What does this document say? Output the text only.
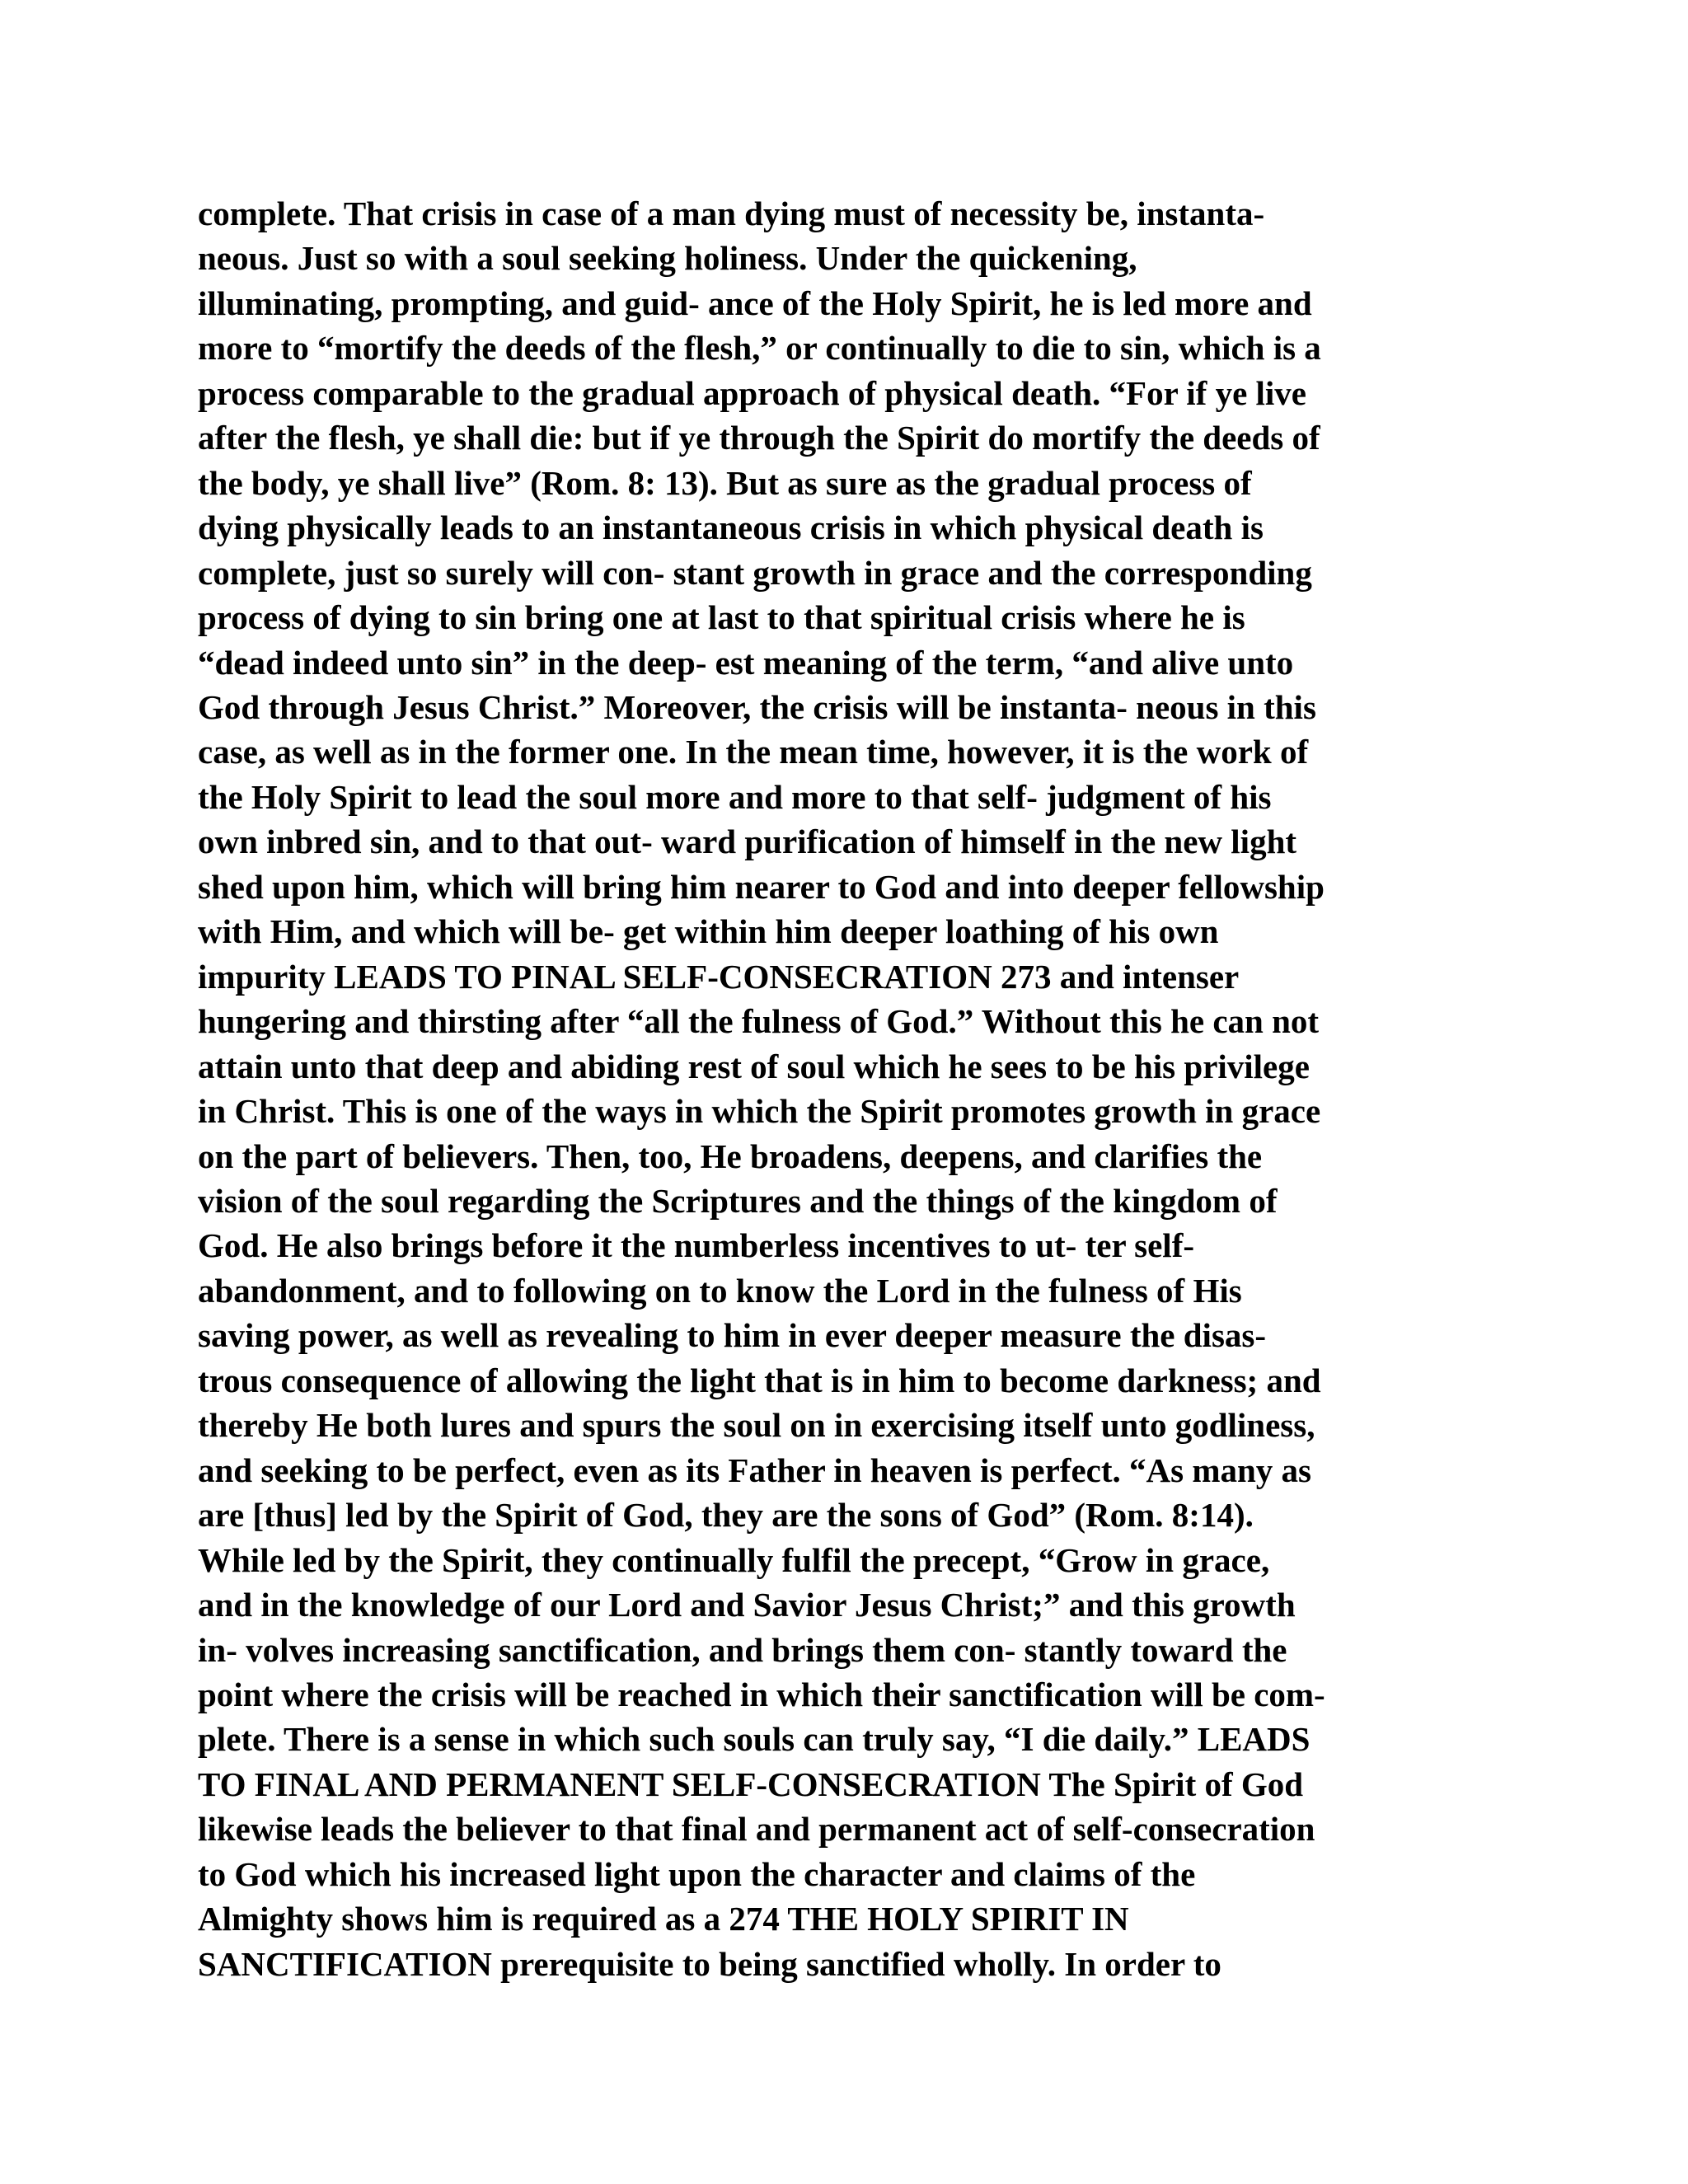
complete. That crisis in case of a man dying must of necessity be, instanta-
neous. Just so with a soul seeking holiness. Under the quickening,
illuminating, prompting, and guid- ance of the Holy Spirit, he is led more and
more to “mortify the deeds of the flesh,” or continually to die to sin, which is a
process comparable to the gradual approach of physical death. “For if ye live
after the flesh, ye shall die: but if ye through the Spirit do mortify the deeds of
the body, ye shall live” (Rom. 8: 13). But as sure as the gradual process of
dying physically leads to an instantaneous crisis in which physical death is
complete, just so surely will con- stant growth in grace and the corresponding
process of dying to sin bring one at last to that spiritual crisis where he is
“dead indeed unto sin” in the deep- est meaning of the term, “and alive unto
God through Jesus Christ.” Moreover, the crisis will be instanta- neous in this
case, as well as in the former one. In the mean time, however, it is the work of
the Holy Spirit to lead the soul more and more to that self- judgment of his
own inbred sin, and to that out- ward purification of himself in the new light
shed upon him, which will bring him nearer to God and into deeper fellowship
with Him, and which will be- get within him deeper loathing of his own
impurity LEADS TO PINAL SELF-CONSECRATION 273 and intenser
hungering and thirsting after “all the fulness of God.” Without this he can not
attain unto that deep and abiding rest of soul which he sees to be his privilege
in Christ. This is one of the ways in which the Spirit promotes growth in grace
on the part of believers. Then, too, He broadens, deepens, and clarifies the
vision of the soul regarding the Scriptures and the things of the kingdom of
God. He also brings before it the numberless incentives to ut- ter self-
abandonment, and to following on to know the Lord in the fulness of His
saving power, as well as revealing to him in ever deeper measure the disas-
trous consequence of allowing the light that is in him to become darkness; and
thereby He both lures and spurs the soul on in exercising itself unto godliness,
and seeking to be perfect, even as its Father in heaven is perfect. “As many as
are [thus] led by the Spirit of God, they are the sons of God” (Rom. 8:14).
While led by the Spirit, they continually fulfil the precept, “Grow in grace,
and in the knowledge of our Lord and Savior Jesus Christ;” and this growth
in- volves increasing sanctification, and brings them con- stantly toward the
point where the crisis will be reached in which their sanctification will be com-
plete. There is a sense in which such souls can truly say, “I die daily.” LEADS
TO FINAL AND PERMANENT SELF-CONSECRATION The Spirit of God
likewise leads the believer to that final and permanent act of self-consecration
to God which his increased light upon the character and claims of the
Almighty shows him is required as a 274 THE HOLY SPIRIT IN
SANCTIFICATION prerequisite to being sanctified wholly. In order to
